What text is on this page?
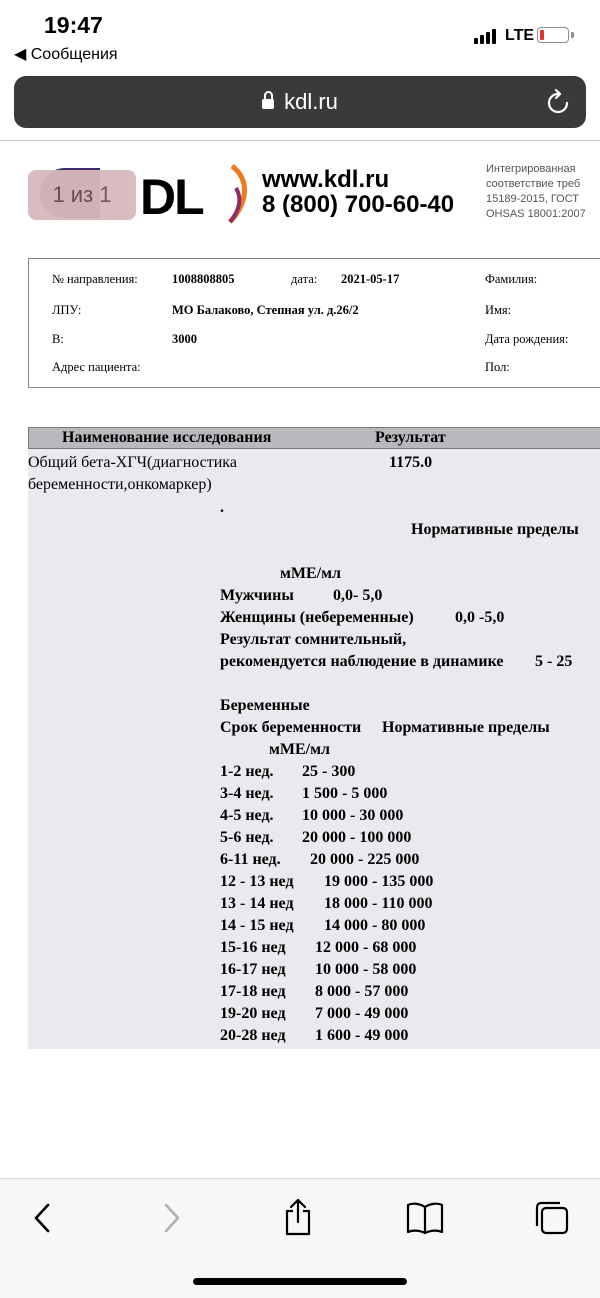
19:47
◀ Сообщения
LTE
kdl.ru
DL
1 из 1
www.kdl.ru
8 (800) 700-60-40
Интегрированная
соответствие треб
15189-2015, ГОСТ
OHSAS 18001:2007
№ направления:	1008808805	дата: 2021-05-17	Фамилия:
ЛПУ:	МО Балаково, Степная ул. д.26/2	Имя:
В:	3000	Дата рождения:
Адрес пациента:	Пол:
Наименование исследования	Результат
Общий бета-ХГЧ(диагностика
беременности,онкомаркер)
1175.0
.
Нормативные пределы
мМЕ/мл
Мужчины 0,0- 5,0
Женщины (небеременные)	0,0 -5,0
Результат сомнительный,
рекомендуется наблюдение в динамике 5 - 25
Беременные
Срок беременности Нормативные пределы
мМЕ/мл
1-2 нед. 25 - 300
3-4 нед. 1 500 - 5 000
4-5 нед. 10 000 - 30 000
5-6 нед. 20 000 - 100 000
6-11 нед. 20 000 - 225 000
12 - 13 нед 19 000 - 135 000
13 - 14 нед 18 000 - 110 000
14 - 15 нед 14 000 - 80 000
15-16 нед 12 000 - 68 000
16-17 нед 10 000 - 58 000
17-18 нед 8 000 - 57 000
19-20 нед 7 000 - 49 000
20-28 нед 1 600 - 49 000
